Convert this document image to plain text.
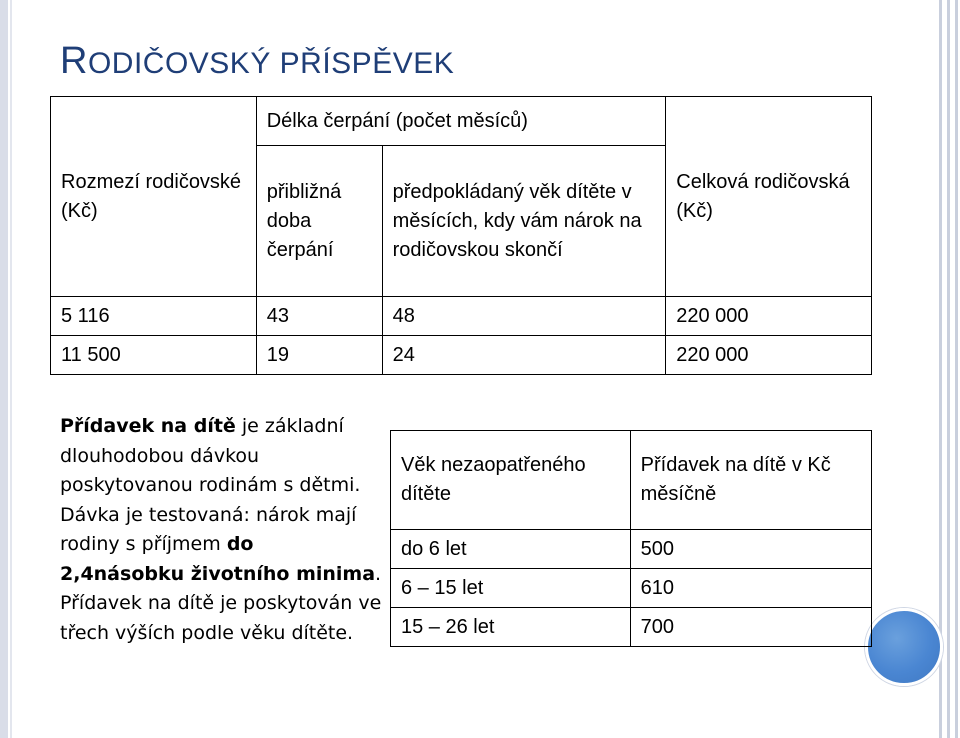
RODIČOVSKÝ PŘÍSPĚVEK
Rozmezí rodičovské (Kč)	Délka čerpání (počet měsíců)		Celková rodičovská (Kč)
	přibližná doba čerpání	předpokládaný věk dítěte v měsících, kdy vám nárok na rodičovskou skončí	
5 116	43	48	220 000
11 500	19	24	220 000
Přídavek na dítě je základní dlouhodobou dávkou poskytovanou rodinám s dětmi. Dávka je testovaná: nárok mají rodiny s příjmem do 2,4násobku životního minima. Přídavek na dítě je poskytován ve třech výších podle věku dítěte.
Věk nezaopatřeného dítěte	Přídavek na dítě v Kč měsíčně
do 6 let	500
6 – 15 let	610
15 – 26 let	700
